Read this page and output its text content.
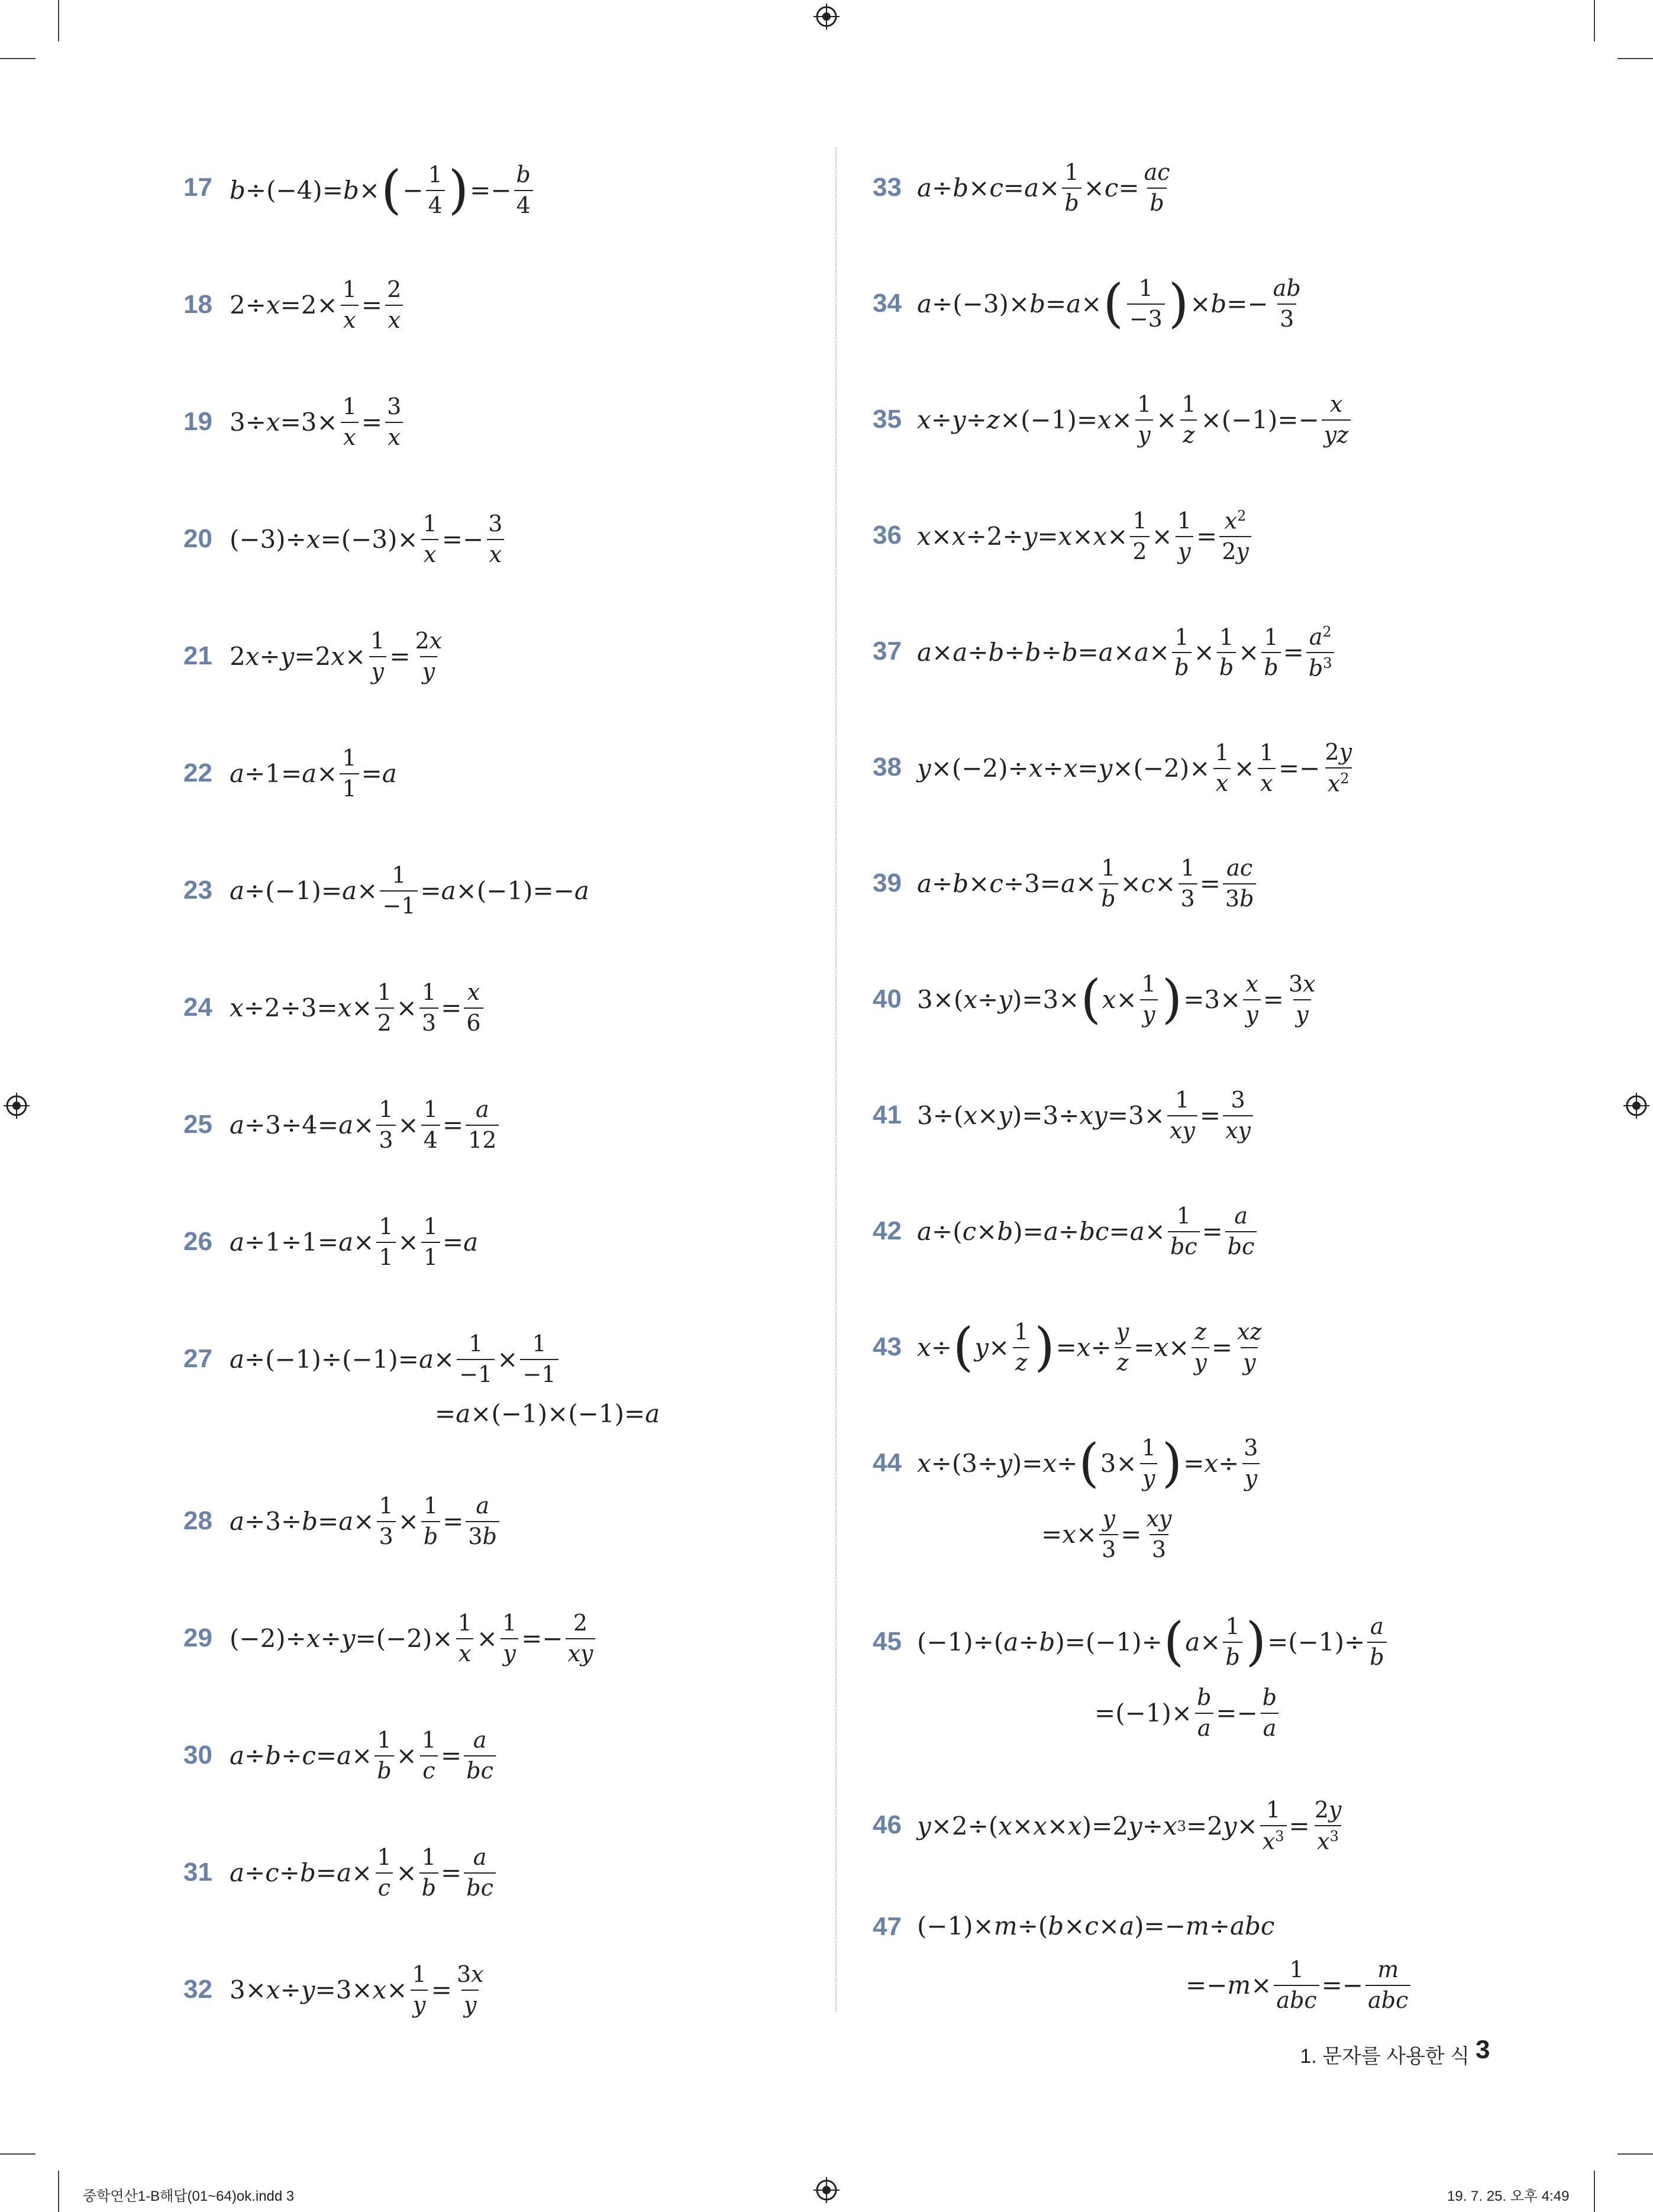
17 b ÷(−4)= b × ( − $\frac{1}{4}$ ) =− $\frac{b}{4}$
18 $2\div x =2\times \frac{1}{x} = \frac{2}{x}$
19 $3\div x =3\times \frac{1}{x} = \frac{3}{x}$
20 $(-3)\div x =(-3)\times \frac{1}{x} =- \frac{3}{x}$
21 2 x ÷ y =2 $x \times \frac{1}{y} = \frac{2x}{y}$
22 $a \div 1= a \times \frac{1}{1} = a$
23 $a \div(-1)= a \times \frac{1}{-1} = a \times(-1)=- a$
24 $x \div 2\div 3= x \times \frac{1}{2} \times \frac{1}{3} = \frac{x}{6}$
25 $a \div 3\div 4= a \times \frac{1}{3} \times \frac{1}{4} = \frac{a}{12}$
26 $a \div 1\div 1= a \times \frac{1}{1} \times \frac{1}{1} = a$
27 $a \div(-1)\div(-1)= a \times \frac{1}{-1} \times \frac{1}{-1}$
= a ×(−1)×(−1)= a
28 $a \div 3\div b = a \times \frac{1}{3} \times \frac{1}{b} = \frac{a}{3b}$
29 $(-2)\div x \div y =(-2)\times \frac{1}{x} \times \frac{1}{y} =- \frac{2}{xy}$
30 $a \div b \div c = a \times \frac{1}{b} \times \frac{1}{c} = \frac{a}{bc}$
31 $a \div c \div b = a \times \frac{1}{c} \times \frac{1}{b} = \frac{a}{bc}$
32 $3\times x \div y =3\times x \times \frac{1}{y} = \frac{3x}{y}$
33 $a \div b \times c = a \times \frac{1}{b} \times c = \frac{ac}{b}$
34 a ÷(−3)× b = a × ( $\frac{1}{-3}$ ) × $b =- \frac{ab}{3}$
35 $x \div y \div z \times(-1)= x \times \frac{1}{y} \times \frac{1}{z} \times(-1)=- \frac{x}{yz}$
36 $x \times x \div 2\div y = x \times x \times \frac{1}{2} \times \frac{1}{y} = \frac{x^2}{2y}$
37 $a \times a \div b \div b \div b = a \times a \times \frac{1}{b} \times \frac{1}{b} \times \frac{1}{b} = \frac{a^2}{b^3}$
38 $y \times(-2)\div x \div x = y \times(-2)\times \frac{1}{x} \times \frac{1}{x} =- \frac{2y}{x^2}$
39 $a \div b \times c \div 3= a \times \frac{1}{b} \times c \times \frac{1}{3} = \frac{ac}{3b}$
40 3×( x ÷ y )=3× ( $x \times \frac{1}{y}$ ) $=3\times \frac{x}{y} = \frac{3x}{y}$
41 3÷( x × y )=3÷ xy $=3\times \frac{1}{xy} = \frac{3}{xy}$
42 a ÷( c × b )= a ÷ bc = $a \times \frac{1}{bc} = \frac{a}{bc}$
43 x ÷ ( $y \times \frac{1}{z}$ ) = $x \div \frac{y}{z} = x \times \frac{z}{y} = \frac{xz}{y}$
44 x ÷(3÷ y )= x ÷ ( $3\times \frac{1}{y}$ ) = $x \div \frac{3}{y}$
= $x \times \frac{y}{3} = \frac{xy}{3}$
45 (−1)÷( a ÷ b )=(−1)÷ ( $a \times \frac{1}{b}$ ) $=(-1)\div \frac{a}{b}$
$=(-1)\times \frac{b}{a} =- \frac{b}{a}$
46 y ×2÷( x × x × x )=2 y ÷ x 3 =2 $y \times \frac{1}{x^3} = \frac{2y}{x^3}$
47 (−1)× m ÷( b × c × a )=− m ÷ abc
=− $m \times \frac{1}{\text{abc}} =- \frac{m}{\text{abc}}$
1. 문자를 사용한 식 3
중학연산1-B해답(01~64)ok.indd 3	19. 7. 25. 오후 4:49
